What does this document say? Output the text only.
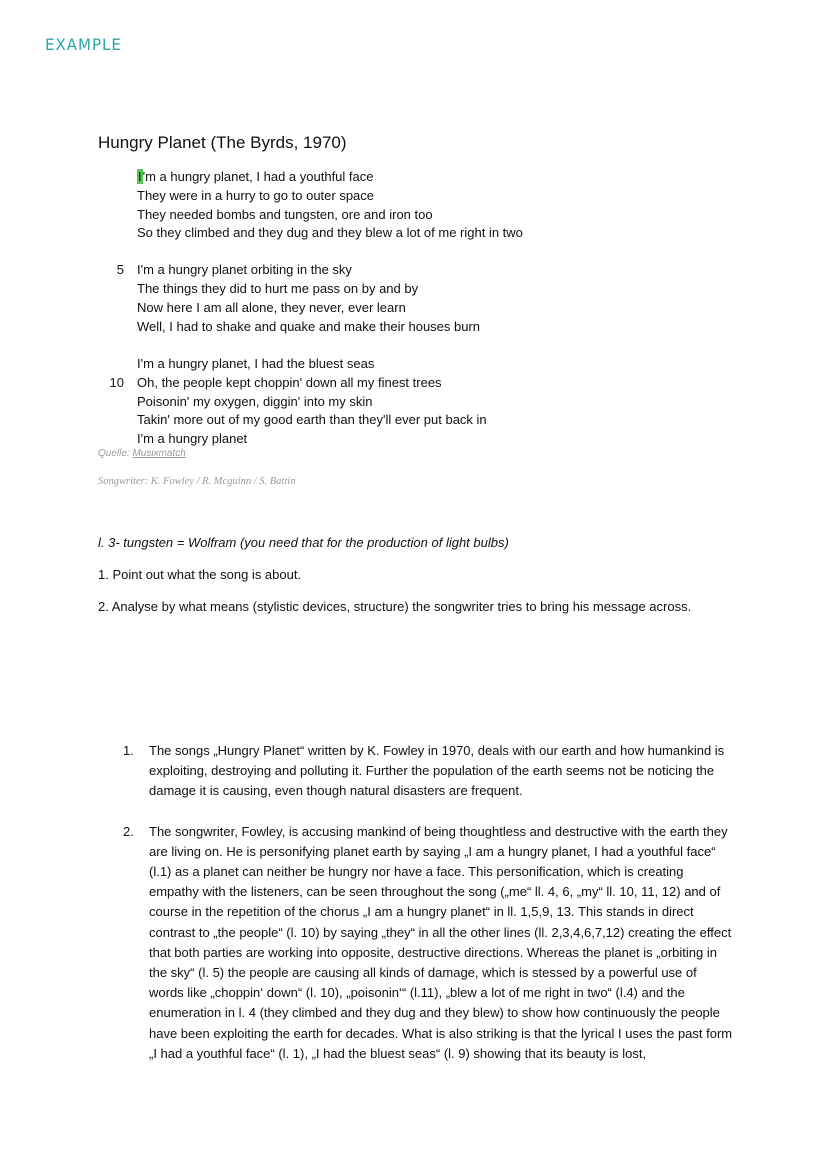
EXAMPLE
Hungry Planet (The Byrds, 1970)
I'm a hungry planet, I had a youthful face
They were in a hurry to go to outer space
They needed bombs and tungsten, ore and iron too
So they climbed and they dug and they blew a lot of me right in two
5 I'm a hungry planet orbiting in the sky
The things they did to hurt me pass on by and by
Now here I am all alone, they never, ever learn
Well, I had to shake and quake and make their houses burn
I'm a hungry planet, I had the bluest seas
10 Oh, the people kept choppin' down all my finest trees
Poisonin' my oxygen, diggin' into my skin
Takin' more out of my good earth than they'll ever put back in
I'm a hungry planet
Quelle: Musixmatch
Songwriter: K. Fowley / R. Mcguinn / S. Battin
l. 3- tungsten = Wolfram (you need that for the production of light bulbs)
1. Point out what the song is about.
2. Analyse by what means (stylistic devices, structure) the songwriter tries to bring his message across.
1. The songs „Hungry Planet“ written by K. Fowley in 1970, deals with our earth and how humankind is exploiting, destroying and polluting it. Further the population of the earth seems not be noticing the damage it is causing, even though natural disasters are frequent.
2. The songwriter, Fowley, is accusing mankind of being thoughtless and destructive with the earth they are living on. He is personifying planet earth by saying „I am a hungry planet, I had a youthful face“ (l.1) as a planet can neither be hungry nor have a face. This personification, which is creating empathy with the listeners, can be seen throughout the song („me“ ll. 4, 6, „my“ ll. 10, 11, 12) and of course in the repetition of the chorus „I am a hungry planet“ in ll. 1,5,9, 13. This stands in direct contrast to „the people“ (l. 10) by saying „they“ in all the other lines (ll. 2,3,4,6,7,12) creating the effect that both parties are working into opposite, destructive directions. Whereas the planet is „orbiting in the sky“ (l. 5) the people are causing all kinds of damage, which is stessed by a powerful use of words like „choppin‘ down“ (l. 10), „poisonin‘“ (l.11), „blew a lot of me right in two“ (l.4) and the enumeration in l. 4 (they climbed and they dug and they blew) to show how continuously the people have been exploiting the earth for decades. What is also striking is that the lyrical I uses the past form „I had a youthful face“ (l. 1), „I had the bluest seas“ (l. 9) showing that its beauty is lost,
